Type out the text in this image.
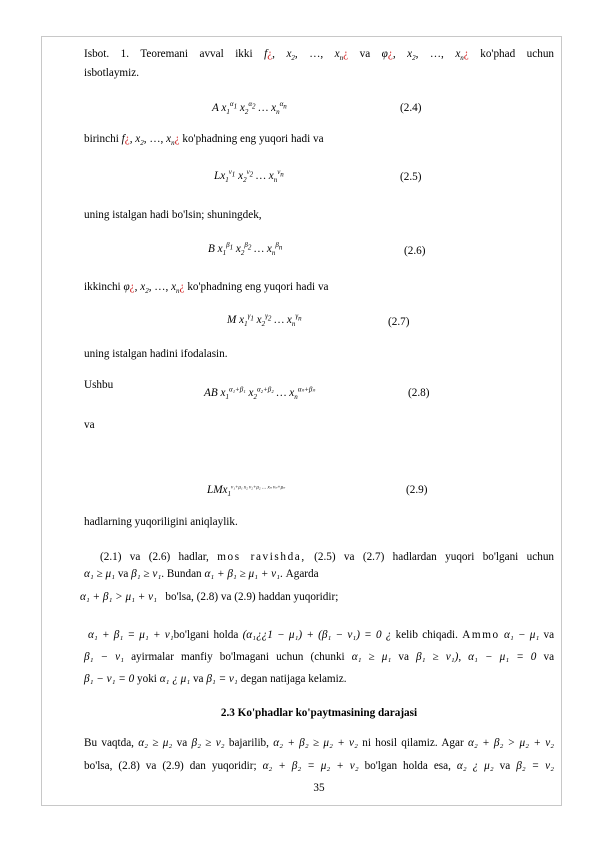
Isbot. 1. Teoremani avval ikki f¿, $x_2$, …, $x_n¿$ va φ¿, $x_2$, …, $x_n¿$ ko'phad uchun
isbotlaymiz.
A $x_1^{\alpha_1}$ $x_2^{\alpha_2}$ … $x_n^{\alpha_n}$	(2.4)
birinchi f¿, $x_2$, …, $x_n¿$ ko'phadning eng yuqori hadi va
$Lx_1^{\nu_1}$ $x_2^{\nu_2}$ … $x_n^{\nu_n}$	(2.5)
uning istalgan hadi bo'lsin; shuningdek,
B $x_1^{\beta_1}$ $x_2^{\beta_2}$ … $x_n^{\beta_n}$	(2.6)
ikkinchi φ¿, $x_2$, …, $x_n¿$ ko'phadning eng yuqori hadi va
M $x_1^{\gamma_1}$ $x_2^{\gamma_2}$ … $x_n^{\gamma_n}$	(2.7)
uning istalgan hadini ifodalasin.
Ushbu
AB $x_1^{\alpha_1+\beta_1}$ $x_2^{\alpha_2+\beta_2}$ … $x_n^{\alpha_n+\beta_n}$	(2.8)
va
LMx$_1^{\nu_1+\mu_1 x_2 \nu_2+\mu_2 \dots x_n \nu_n+\mu_n}$	(2.9)
hadlarning yuqoriligini aniqlaylik.
(2.1) va (2.6) hadlar, mos ravishda, (2.5) va (2.7) hadlardan yuqori bo'lgani uchun
α₁ ≥ μ₁ va β₁ ≥ ν₁. Bundan α₁ + β₁ ≥ μ₁ + ν₁. Agarda
α₁ + β₁ > μ₁ + ν₁ bo'lsa, (2.8) va (2.9) haddan yuqoridir;
α₁ + β₁ = μ₁ + ν₁bo'lgani holda (α₁¿¿1 − μ₁) + (β₁ − ν₁) = 0 ¿ kelib chiqadi. Ammo α₁ − μ₁ va
β₁ − ν₁ ayirmalar manfiy bo'lmagani uchun (chunki α₁ ≥ μ₁ va β₁ ≥ ν₁), α₁ − μ₁ = 0 va
β₁ − ν₁ = 0 yoki α₁ ¿ μ₁ va β₁ = ν₁ degan natijaga kelamiz.
2.3 Ko'phadlar ko'paytmasining darajasi
Bu vaqtda, α₂ ≥ μ₂ va β₂ ≥ ν₂ bajarilib, α₂ + β₂ ≥ μ₂ + ν₂ ni hosil qilamiz. Agar α₂ + β₂ > μ₂ + ν₂
bo'lsa, (2.8) va (2.9) dan yuqoridir; α₂ + β₂ = μ₂ + ν₂ bo'lgan holda esa, α₂ ¿ μ₂ va β₂ = ν₂
35
